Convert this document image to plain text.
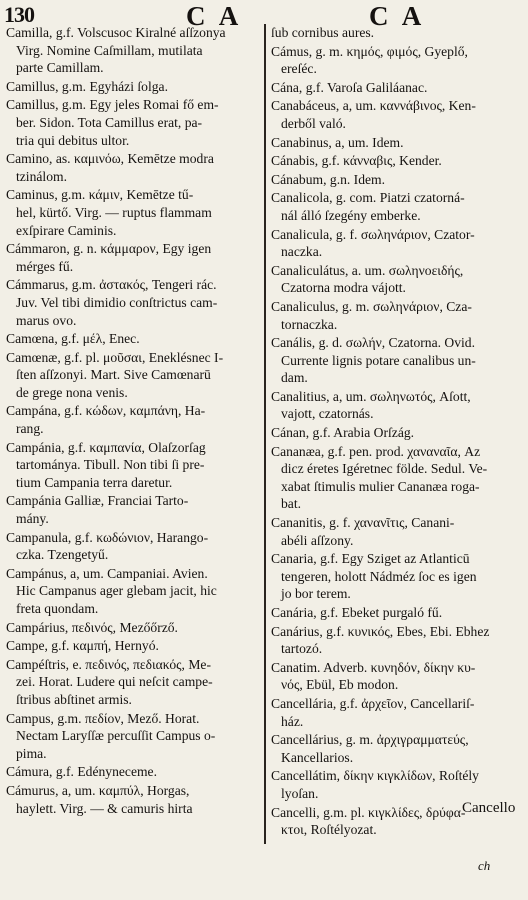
130	C A	C A
Camilla, g.f. Volscusoc Kiralné aſſzonya
Virg. Nomine Caſmillam, mutilata
parte Camillam.
Camillus, g.m. Egyházi ſolga.
Camillus, g.m. Egy jeles Romai fő em-
ber. Sidon. Tota Camillus erat, pa-
tria qui debitus ultor.
Camino, as. καμινόω, Kemētze modra
tzinálom.
Caminus, g.m. κάμιν, Kemētze tű-
hel, kürtő. Virg. — ruptus flammam
exſpirare Caminis.
Cámmaron, g. n. κάμμαρον, Egy igen
mérges fű.
Cámmarus, g.m. ἀστακός, Tengeri rác.
Juv. Vel tibi dimidio conſtrictus cam-
marus ovo.
Camœna, g.f. μέλ, Enec.
Camœnæ, g.f. pl. μοῦσαι, Eneklésnec I-
ſten aſſzonyi. Mart. Sive Camœnarū
de grege nona venis.
Campána, g.f. κώδων, καμπάνη, Ha-
rang.
Campánia, g.f. καμπανία, Olaſzorſag
tartománya. Tibull. Non tibi ſi pre-
tium Campania terra daretur.
Campánia Galliæ, Franciai Tarto-
mány.
Campanula, g.f. κωδώνιον, Harango-
czka. Tzengetyű.
Campánus, a, um. Campaniai. Avien.
Hic Campanus ager glebam jacit, hic
freta quondam.
Campárius, πεδινός, Mezőőrző.
Campe, g.f. καμπή, Hernyó.
Campéſtris, e. πεδινός, πεδιακός, Me-
zei. Horat. Ludere qui neſcit campe-
ſtribus abſtinet armis.
Campus, g.m. πεδίον, Mező. Horat.
Nectam Laryſſæ percuſſit Campus o-
pima.
Cámura, g.f. Edényneceme.
Cámurus, a, um. καμπύλ, Horgas,
haylett. Virg. — & camuris hirta
ſub cornibus aures.
Cámus, g. m. κημός, φιμός, Gyeplő,
ereſéc.
Cána, g.f. Varoſa Galiláanac.
Canabáceus, a, um. καννάβινος, Ken-
derből való.
Canabinus, a, um. Idem.
Cánabis, g.f. κάνναβις, Kender.
Cánabum, g.n. Idem.
Canalicola, g. com. Piatzi czatorná-
nál álló ſzegény emberke.
Canalicula, g. f. σωληνάριον, Czator-
naczka.
Canaliculátus, a. um. σωληνοειδής,
Czatorna modra vájott.
Canaliculus, g. m. σωληνάριον, Cza-
tornaczka.
Canális, g. d. σωλήν, Czatorna. Ovid.
Currente lignis potare canalibus un-
dam.
Canalitius, a, um. σωληνωτός, Aſott,
vajott, czatornás.
Cánan, g.f. Arabia Orſzág.
Cananæa, g.f. pen. prod. χαναναῖα, Az
dicz éretes Igéretnec földe. Sedul. Ve-
xabat ſtimulis mulier Cananæa roga-
bat.
Cananitis, g. f. χανανῖτις, Canani-
abéli aſſzony.
Canaria, g.f. Egy Sziget az Atlanticū
tengeren, holott Nádméz ſoc es igen
jo bor terem.
Canária, g.f. Ebeket purgaló fű.
Canárius, g.f. κυνικός, Ebes, Ebi. Ebhez
tartozó.
Canatim. Adverb. κυνηδόν, δίκην κυ-
νός, Ebül, Eb modon.
Cancellária, g.f. ἀρχεῖον, Cancellariſ-
ház.
Cancellárius, g. m. ἀρχιγραμματεύς,
Kancellarios.
Cancellátim, δίκην κιγκλίδων, Roſtély
lyoſan.
Cancelli, g.m. pl. κιγκλίδες, δρύφα-
κτοι, Roſtélyozat.
Cancello
ch
